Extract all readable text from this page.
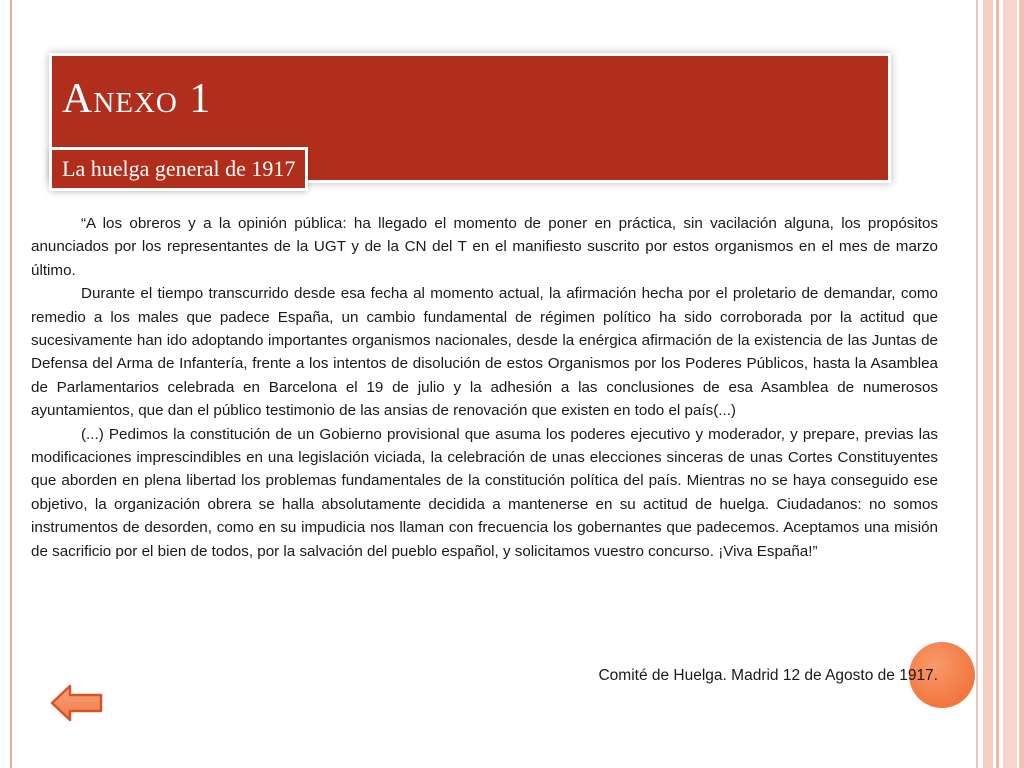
Anexo 1
La huelga general de 1917

“A los obreros y a la opinión pública: ha llegado el momento de poner en práctica, sin vacilación alguna, los propósitos anunciados por los representantes de la UGT y de la CN del T en el manifiesto suscrito por estos organismos en el mes de marzo último.

Durante el tiempo transcurrido desde esa fecha al momento actual, la afirmación hecha por el proletario de demandar, como remedio a los males que padece España, un cambio fundamental de régimen político ha sido corroborada por la actitud que sucesivamente han ido adoptando importantes organismos nacionales, desde la enérgica afirmación de la existencia de las Juntas de Defensa del Arma de Infantería, frente a los intentos de disolución de estos Organismos por los Poderes Públicos, hasta la Asamblea de Parlamentarios celebrada en Barcelona el 19 de julio y la adhesión a las conclusiones de esa Asamblea de numerosos ayuntamientos, que dan el público testimonio de las ansias de renovación que existen en todo el país(...)

(...) Pedimos la constitución de un Gobierno provisional que asuma los poderes ejecutivo y moderador, y prepare, previas las modificaciones imprescindibles en una legislación viciada, la celebración de unas elecciones sinceras de unas Cortes Constituyentes que aborden en plena libertad los problemas fundamentales de la constitución política del país. Mientras no se haya conseguido ese objetivo, la organización obrera se halla absolutamente decidida a mantenerse en su actitud de huelga. Ciudadanos: no somos instrumentos de desorden, como en su impudicia nos llaman con frecuencia los gobernantes que padecemos. Aceptamos una misión de sacrificio por el bien de todos, por la salvación del pueblo español, y solicitamos vuestro concurso. ¡Viva España!”

Comité de Huelga. Madrid 12 de Agosto de 1917.
